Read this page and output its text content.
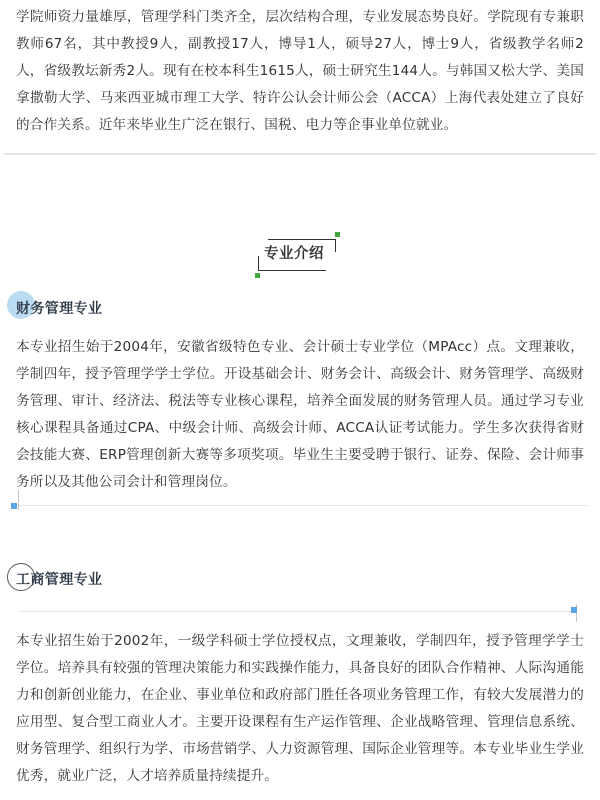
学院师资力量雄厚，管理学科门类齐全，层次结构合理，专业发展态势良好。学院现有专兼职教师67名，其中教授9人，副教授17人，博导1人，硕导27人，博士9人，省级教学名师2人，省级教坛新秀2人。现有在校本科生1615人，硕士研究生144人。与韩国又松大学、美国拿撒勒大学、马来西亚城市理工大学、特许公认会计师公会（ACCA）上海代表处建立了良好的合作关系。近年来毕业生广泛在银行、国税、电力等企事业单位就业。

专业介绍
财务管理专业

本专业招生始于2004年，安徽省级特色专业、会计硕士专业学位（MPAcc）点。文理兼收，学制四年，授予管理学学士学位。开设基础会计、财务会计、高级会计、财务管理学、高级财务管理、审计、经济法、税法等专业核心课程，培养全面发展的财务管理人员。通过学习专业核心课程具备通过CPA、中级会计师、高级会计师、ACCA认证考试能力。学生多次获得省财会技能大赛、ERP管理创新大赛等多项奖项。毕业生主要受聘于银行、证券、保险、会计师事务所以及其他公司会计和管理岗位。

工商管理专业

本专业招生始于2002年，一级学科硕士学位授权点，文理兼收，学制四年，授予管理学学士学位。培养具有较强的管理决策能力和实践操作能力，具备良好的团队合作精神、人际沟通能力和创新创业能力，在企业、事业单位和政府部门胜任各项业务管理工作，有较大发展潜力的应用型、复合型工商业人才。主要开设课程有生产运作管理、企业战略管理、管理信息系统、财务管理学、组织行为学、市场营销学、人力资源管理、国际企业管理等。本专业毕业生学业优秀，就业广泛，人才培养质量持续提升。
